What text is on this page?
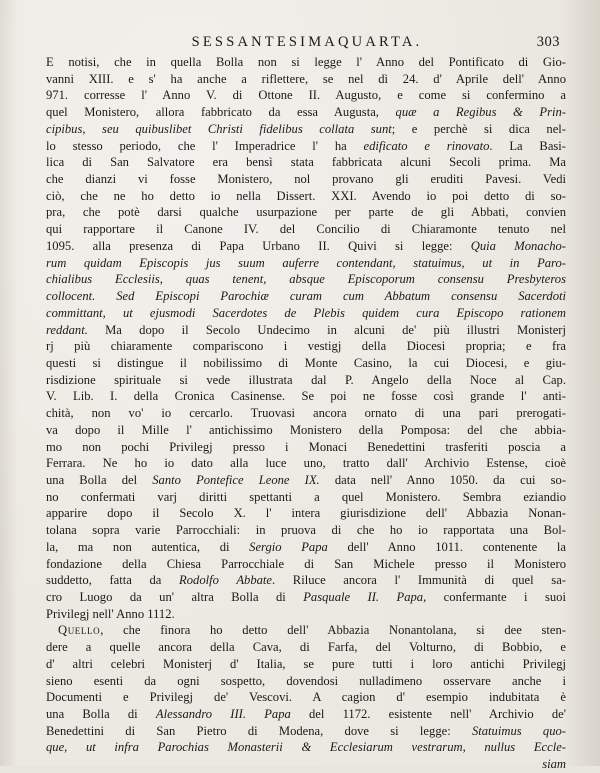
SESSANTESIMAQUARTA.	303
E notisi, che in quella Bolla non si legge l' Anno del Pontificato di Gio-
vanni XIII. e s' ha anche a riflettere, se nel dì 24. d' Aprile dell' Anno
971. corresse l' Anno V. di Ottone II. Augusto, e come si confermino a
quel Monistero, allora fabbricato da essa Augusta, quæ a Regibus & Prin-
cipibus, seu quibuslibet Christi fidelibus collata sunt; e perchè si dica nel-
lo stesso periodo, che l' Imperadrice l' ha edificato e rinovato. La Basi-
lica di San Salvatore era bensì stata fabbricata alcuni Secoli prima. Ma
che dianzi vi fosse Monistero, nol provano gli eruditi Pavesi. Vedi
ciò, che ne ho detto io nella Dissert. XXI. Avendo io poi detto di so-
pra, che potè darsi qualche usurpazione per parte de gli Abbati, convien
qui rapportare il Canone IV. del Concilio di Chiaramonte tenuto nel
1095. alla presenza di Papa Urbano II. Quivi si legge: Quia Monacho-
rum quidam Episcopis jus suum auferre contendant, statuimus, ut in Paro-
chialibus Ecclesiis, quas tenent, absque Episcoporum consensu Presbyteros
collocent. Sed Episcopi Parochiæ curam cum Abbatum consensu Sacerdoti
committant, ut ejusmodi Sacerdotes de Plebis quidem cura Episcopo rationem
reddant. Ma dopo il Secolo Undecimo in alcuni de' più illustri Monisterj
rj più chiaramente compariscono i vestigj della Diocesi propria; e fra
questi si distingue il nobilissimo di Monte Casino, la cui Diocesi, e giu-
risdizione spirituale si vede illustrata dal P. Angelo della Noce al Cap.
V. Lib. I. della Cronica Casinense. Se poi ne fosse così grande l' anti-
chità, non vo' io cercarlo. Truovasi ancora ornato di una pari prerogati-
va dopo il Mille l' antichissimo Monistero della Pomposa: del che abbia-
mo non pochi Privilegj presso i Monaci Benedettini trasferiti poscia a
Ferrara. Ne ho io dato alla luce uno, tratto dall' Archivio Estense, cioè
una Bolla del Santo Pontefice Leone IX. data nell' Anno 1050. da cui so-
no confermati varj diritti spettanti a quel Monistero. Sembra eziandio
apparire dopo il Secolo X. l' intera giurisdizione dell' Abbazia Nonan-
tolana sopra varie Parrocchiali: in pruova di che ho io rapportata una Bol-
la, ma non autentica, di Sergio Papa dell' Anno 1011. contenente la
fondazione della Chiesa Parrocchiale di San Michele presso il Monistero
suddetto, fatta da Rodolfo Abbate. Riluce ancora l' Immunità di quel sa-
cro Luogo da un' altra Bolla di Pasquale II. Papa, confermante i suoi
Privilegj nell' Anno 1112.
Quello, che finora ho detto dell' Abbazia Nonantolana, si dee sten-
dere a quelle ancora della Cava, di Farfa, del Volturno, di Bobbio, e
d' altri celebri Monisterj d' Italia, se pure tutti i loro antichi Privilegj
sieno esenti da ogni sospetto, dovendosi nulladimeno osservare anche i
Documenti e Privilegj de' Vescovi. A cagion d' esempio indubitata è
una Bolla di Alessandro III. Papa del 1172. esistente nell' Archivio de'
Benedettini di San Pietro di Modena, dove si legge: Statuimus quo-
que, ut infra Parochias Monasterii & Ecclesiarum vestrarum, nullus Eccle-
siam
